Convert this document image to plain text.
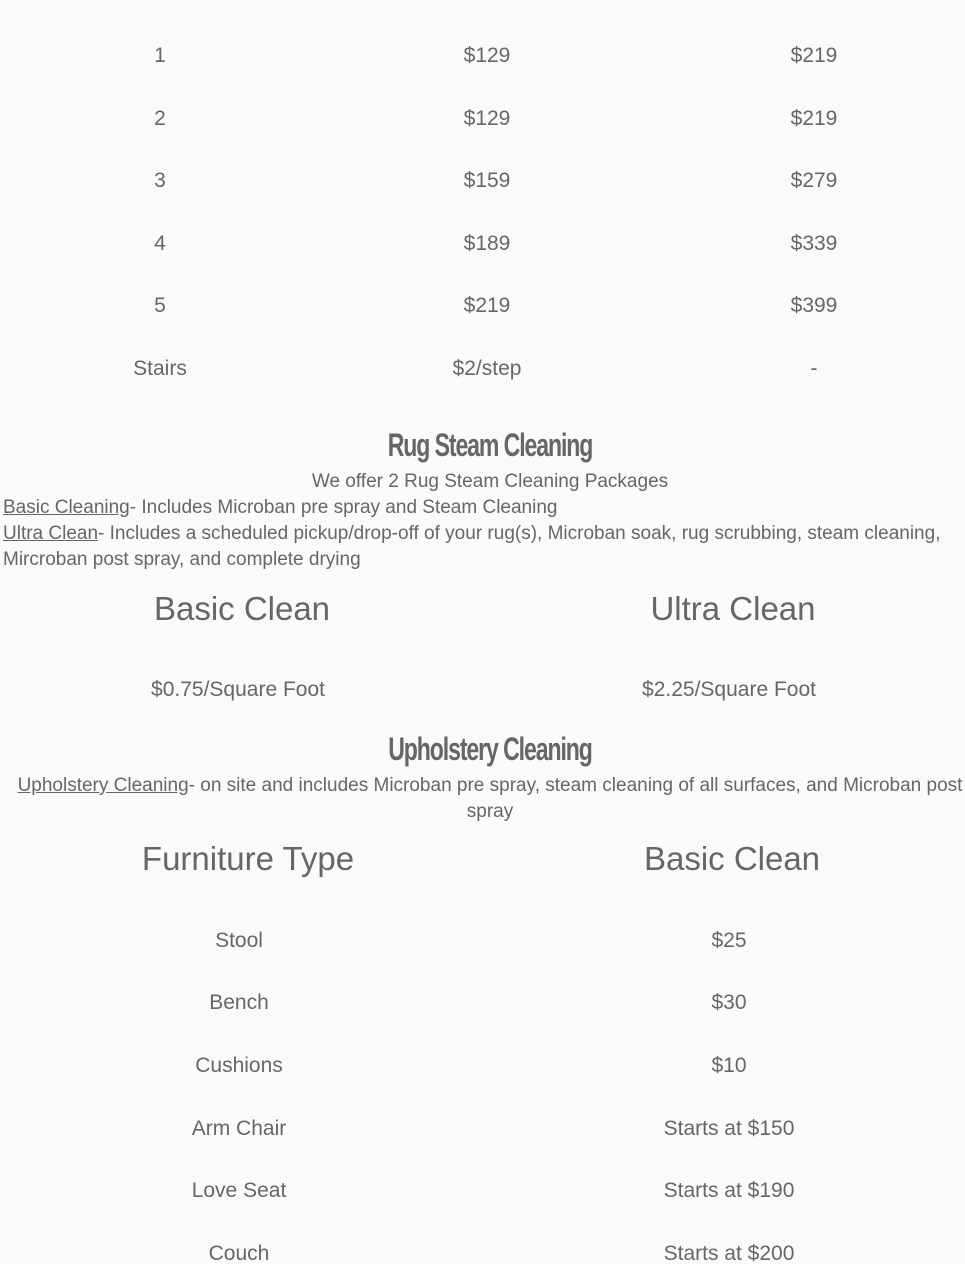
1	$129	$219
2	$129	$219
3	$159	$279
4	$189	$339
5	$219	$399
Stairs	$2/step	-
Rug Steam Cleaning
We offer 2 Rug Steam Cleaning Packages
Basic Cleaning- Includes Microban pre spray and Steam Cleaning
Ultra Clean- Includes a scheduled pickup/drop-off of your rug(s), Microban soak, rug scrubbing, steam cleaning, Mircroban post spray, and complete drying
Basic Clean	Ultra Clean
$0.75/Square Foot	$2.25/Square Foot
Upholstery Cleaning
Upholstery Cleaning- on site and includes Microban pre spray, steam cleaning of all surfaces, and Microban post spray
Furniture Type	Basic Clean
Stool	$25
Bench	$30
Cushions	$10
Arm Chair	Starts at $150
Love Seat	Starts at $190
Couch	Starts at $200
